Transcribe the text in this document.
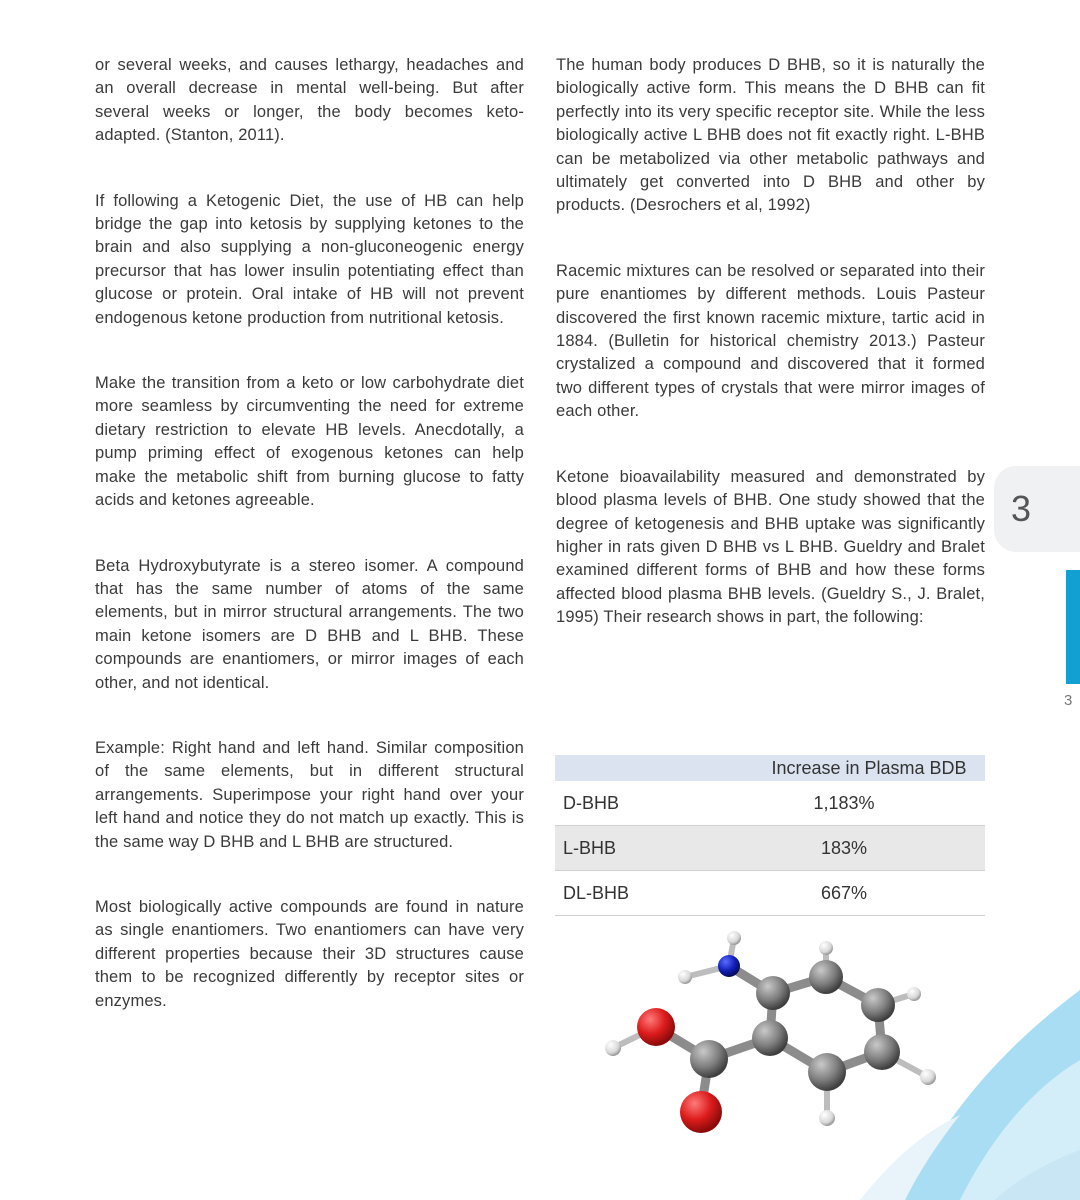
or several weeks, and causes lethargy, headaches and an overall decrease in mental well-being. But after several weeks or longer, the body becomes keto-adapted. (Stanton, 2011).

If following a Ketogenic Diet, the use of HB can help bridge the gap into ketosis by supplying ketones to the brain and also supplying a non-gluconeogenic energy precursor that has lower insulin potentiating effect than glucose or protein. Oral intake of HB will not prevent endogenous ketone production from nutritional ketosis.

Make the transition from a keto or low carbohydrate diet more seamless by circumventing the need for extreme dietary restriction to elevate HB levels. Anecdotally, a pump priming effect of exogenous ketones can help make the metabolic shift from burning glucose to fatty acids and ketones agreeable.

Beta Hydroxybutyrate is a stereo isomer. A compound that has the same number of atoms of the same elements, but in mirror structural arrangements. The two main ketone isomers are D BHB and L BHB. These compounds are enantiomers, or mirror images of each other, and not identical.

Example: Right hand and left hand. Similar composition of the same elements, but in different structural arrangements. Superimpose your right hand over your left hand and notice they do not match up exactly. This is the same way D BHB and L BHB are structured.

Most biologically active compounds are found in nature as single enantiomers. Two enantiomers can have very different properties because their 3D structures cause them to be recognized differently by receptor sites or enzymes.

The human body produces D BHB, so it is naturally the biologically active form. This means the D BHB can fit perfectly into its very specific receptor site. While the less biologically active L BHB does not fit exactly right. L-BHB can be metabolized via other metabolic pathways and ultimately get converted into D BHB and other by products. (Desrochers et al, 1992)

Racemic mixtures can be resolved or separated into their pure enantiomes by different methods. Louis Pasteur discovered the first known racemic mixture, tartic acid in 1884. (Bulletin for historical chemistry 2013.) Pasteur crystalized a compound and discovered that it formed two different types of crystals that were mirror images of each other.

Ketone bioavailability measured and demonstrated by blood plasma levels of BHB. One study showed that the degree of ketogenesis and BHB uptake was significantly higher in rats given D BHB vs L BHB. Gueldry and Bralet examined different forms of BHB and how these forms affected blood plasma BHB levels. (Gueldry S., J. Bralet, 1995) Their research shows in part, the following:

	Increase in Plasma BDB
D-BHB	1,183%
L-BHB	183%
DL-BHB	667%
3
3
